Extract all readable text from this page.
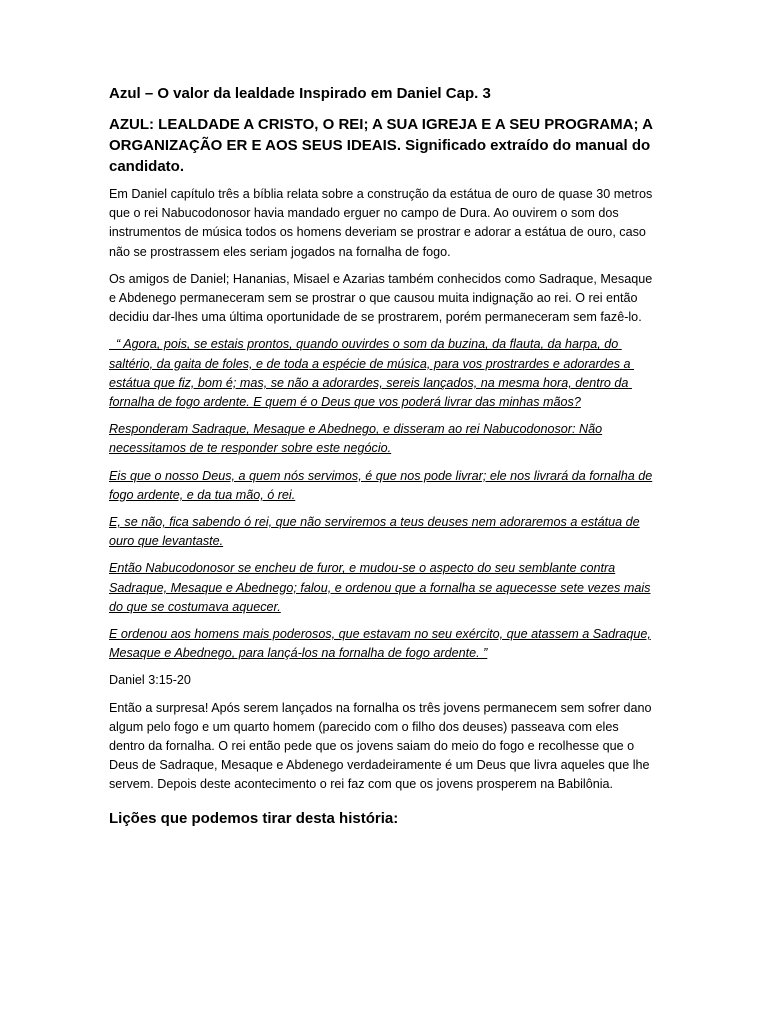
Azul – O valor da lealdade Inspirado em Daniel Cap. 3
AZUL: LEALDADE A CRISTO, O REI; A SUA IGREJA E A SEU PROGRAMA; A ORGANIZAÇÃO ER E AOS SEUS IDEAIS. Significado extraído do manual do candidato.

Em Daniel capítulo três a bíblia relata sobre a construção da estátua de ouro de quase 30 metros que o rei Nabucodonosor havia mandado erguer no campo de Dura. Ao ouvirem o som dos instrumentos de música todos os homens deveriam se prostrar e adorar a estátua de ouro, caso não se prostrassem eles seriam jogados na fornalha de fogo.

Os amigos de Daniel; Hananias, Misael e Azarias também conhecidos como Sadraque, Mesaque e Abdenego permaneceram sem se prostrar o que causou muita indignação ao rei. O rei então decidiu dar-lhes uma última oportunidade de se prostrarem, porém permaneceram sem fazê-lo.

“ Agora, pois, se estais prontos, quando ouvirdes o som da buzina, da flauta, da harpa, do saltério, da gaita de foles, e de toda a espécie de música, para vos prostrardes e adorardes a estátua que fiz, bom é; mas, se não a adorardes, sereis lançados, na mesma hora, dentro da fornalha de fogo ardente. E quem é o Deus que vos poderá livrar das minhas mãos?

Responderam Sadraque, Mesaque e Abednego, e disseram ao rei Nabucodonosor: Não necessitamos de te responder sobre este negócio.

Eis que o nosso Deus, a quem nós servimos, é que nos pode livrar; ele nos livrará da fornalha de fogo ardente, e da tua mão, ó rei.

E, se não, fica sabendo ó rei, que não serviremos a teus deuses nem adoraremos a estátua de ouro que levantaste.

Então Nabucodonosor se encheu de furor, e mudou-se o aspecto do seu semblante contra Sadraque, Mesaque e Abednego; falou, e ordenou que a fornalha se aquecesse sete vezes mais do que se costumava aquecer.

E ordenou aos homens mais poderosos, que estavam no seu exército, que atassem a Sadraque, Mesaque e Abednego, para lançá-los na fornalha de fogo ardente. ”

Daniel 3:15-20

Então a surpresa! Após serem lançados na fornalha os três jovens permanecem sem sofrer dano algum pelo fogo e um quarto homem (parecido com o filho dos deuses) passeava com eles dentro da fornalha. O rei então pede que os jovens saiam do meio do fogo e recolhesse que o Deus de Sadraque, Mesaque e Abdenego verdadeiramente é um Deus que livra aqueles que lhe servem. Depois deste acontecimento o rei faz com que os jovens prosperem na Babilônia.

Lições que podemos tirar desta história:
